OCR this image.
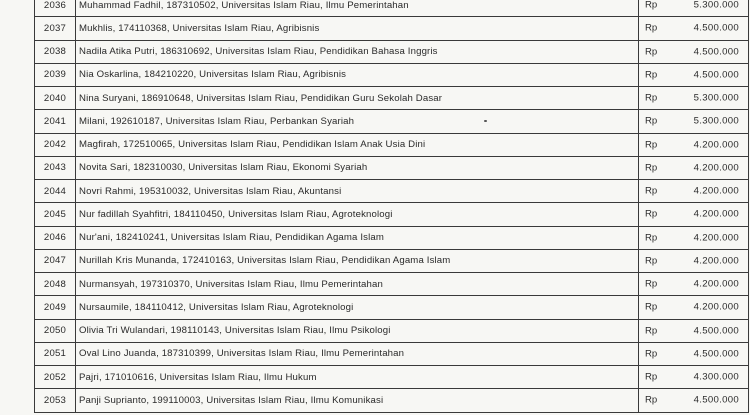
2036	Muhammad Fadhil, 187310502, Universitas Islam Riau, Ilmu Pemerintahan	Rp 5.300.000

2037	Mukhlis, 174110368, Universitas Islam Riau, Agribisnis	Rp 4.500.000

2038	Nadila Atika Putri, 186310692, Universitas Islam Riau, Pendidikan Bahasa Inggris	Rp 4.500.000

2039	Nia Oskarlina, 184210220, Universitas Islam Riau, Agribisnis	Rp 4.500.000

2040	Nina Suryani, 186910648, Universitas Islam Riau, Pendidikan Guru Sekolah Dasar	Rp 5.300.000

2041	Milani, 192610187, Universitas Islam Riau, Perbankan Syariah	Rp 5.300.000

2042	Magfirah, 172510065, Universitas Islam Riau, Pendidikan Islam Anak Usia Dini	Rp 4.200.000

2043	Novita Sari, 182310030, Universitas Islam Riau, Ekonomi Syariah	Rp 4.200.000

2044	Novri Rahmi, 195310032, Universitas Islam Riau, Akuntansi	Rp 4.200.000

2045	Nur fadillah Syahfitri, 184110450, Universitas Islam Riau, Agroteknologi	Rp 4.200.000

2046	Nur'ani, 182410241, Universitas Islam Riau, Pendidikan Agama Islam	Rp 4.200.000

2047	Nurillah Kris Munanda, 172410163, Universitas Islam Riau, Pendidikan Agama Islam	Rp 4.200.000

2048	Nurmansyah, 197310370, Universitas Islam Riau, Ilmu Pemerintahan	Rp 4.200.000

2049	Nursaumile, 184110412, Universitas Islam Riau, Agroteknologi	Rp 4.200.000

2050	Olivia Tri Wulandari, 198110143, Universitas Islam Riau, Ilmu Psikologi	Rp 4.500.000

2051	Oval Lino Juanda, 187310399, Universitas Islam Riau, Ilmu Pemerintahan	Rp 4.500.000

2052	Pajri, 171010616, Universitas Islam Riau, Ilmu Hukum	Rp 4.300.000

2053	Panji Suprianto, 199110003, Universitas Islam Riau, Ilmu Komunikasi	Rp 4.500.000
